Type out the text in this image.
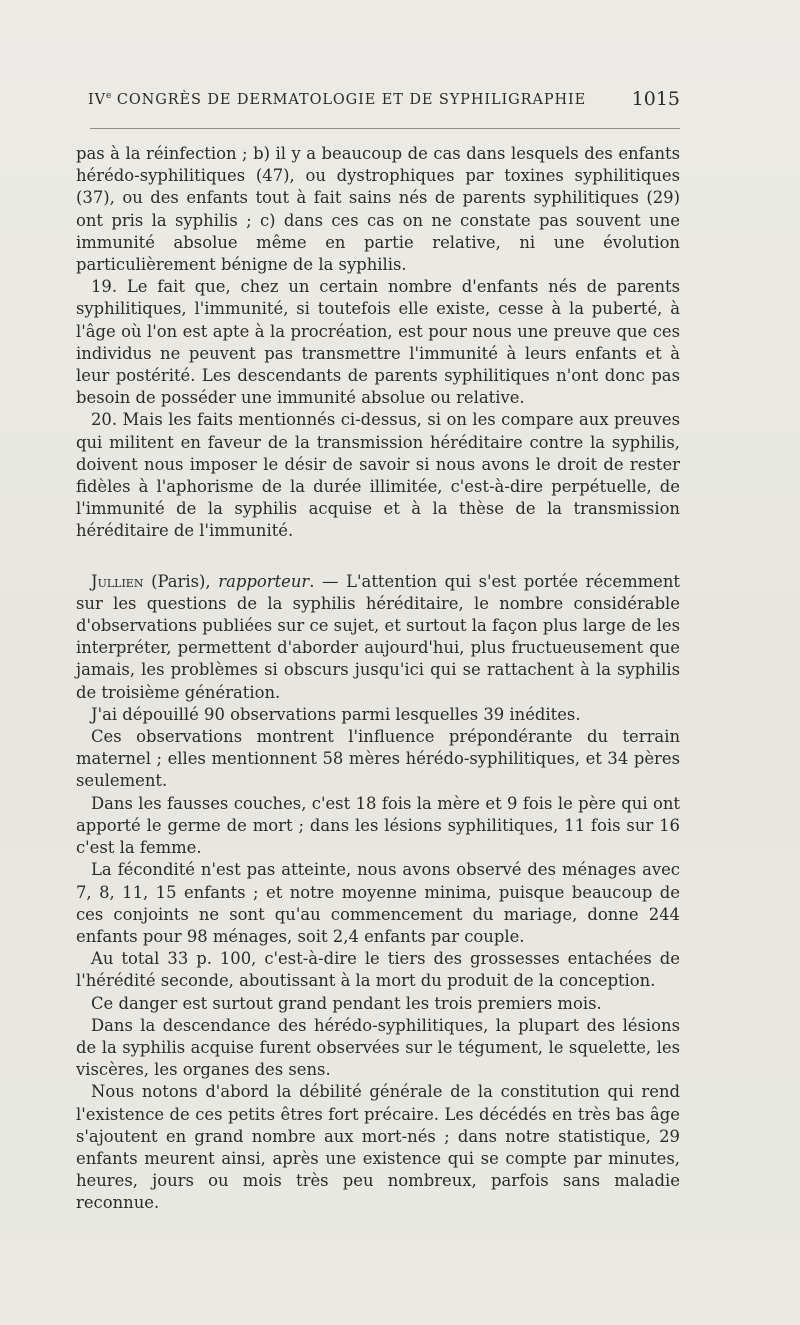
IVe CONGRÈS DE DERMATOLOGIE ET DE SYPHILIGRAPHIE 1015

pas à la réinfection ; b) il y a beaucoup de cas dans lesquels des enfants hérédo-syphilitiques (47), ou dystrophiques par toxines syphilitiques (37), ou des enfants tout à fait sains nés de parents syphilitiques (29) ont pris la syphilis ; c) dans ces cas on ne constate pas souvent une immunité absolue même en partie relative, ni une évolution particulièrement bénigne de la syphilis.

19. Le fait que, chez un certain nombre d'enfants nés de parents syphilitiques, l'immunité, si toutefois elle existe, cesse à la puberté, à l'âge où l'on est apte à la procréation, est pour nous une preuve que ces individus ne peuvent pas transmettre l'immunité à leurs enfants et à leur postérité. Les descendants de parents syphilitiques n'ont donc pas besoin de posséder une immunité absolue ou relative.

20. Mais les faits mentionnés ci-dessus, si on les compare aux preuves qui militent en faveur de la transmission héréditaire contre la syphilis, doivent nous imposer le désir de savoir si nous avons le droit de rester fidèles à l'aphorisme de la durée illimitée, c'est-à-dire perpétuelle, de l'immunité de la syphilis acquise et à la thèse de la transmission héréditaire de l'immunité.

Jullien (Paris), rapporteur. — L'attention qui s'est portée récemment sur les questions de la syphilis héréditaire, le nombre considérable d'observations publiées sur ce sujet, et surtout la façon plus large de les interpréter, permettent d'aborder aujourd'hui, plus fructueusement que jamais, les problèmes si obscurs jusqu'ici qui se rattachent à la syphilis de troisième génération.

J'ai dépouillé 90 observations parmi lesquelles 39 inédites.

Ces observations montrent l'influence prépondérante du terrain maternel ; elles mentionnent 58 mères hérédo-syphilitiques, et 34 pères seulement.

Dans les fausses couches, c'est 18 fois la mère et 9 fois le père qui ont apporté le germe de mort ; dans les lésions syphilitiques, 11 fois sur 16 c'est la femme.

La fécondité n'est pas atteinte, nous avons observé des ménages avec 7, 8, 11, 15 enfants ; et notre moyenne minima, puisque beaucoup de ces conjoints ne sont qu'au commencement du mariage, donne 244 enfants pour 98 ménages, soit 2,4 enfants par couple.

Au total 33 p. 100, c'est-à-dire le tiers des grossesses entachées de l'hérédité seconde, aboutissant à la mort du produit de la conception.

Ce danger est surtout grand pendant les trois premiers mois.

Dans la descendance des hérédo-syphilitiques, la plupart des lésions de la syphilis acquise furent observées sur le tégument, le squelette, les viscères, les organes des sens.

Nous notons d'abord la débilité générale de la constitution qui rend l'existence de ces petits êtres fort précaire. Les décédés en très bas âge s'ajoutent en grand nombre aux mort-nés ; dans notre statistique, 29 enfants meurent ainsi, après une existence qui se compte par minutes, heures, jours ou mois très peu nombreux, parfois sans maladie reconnue.
